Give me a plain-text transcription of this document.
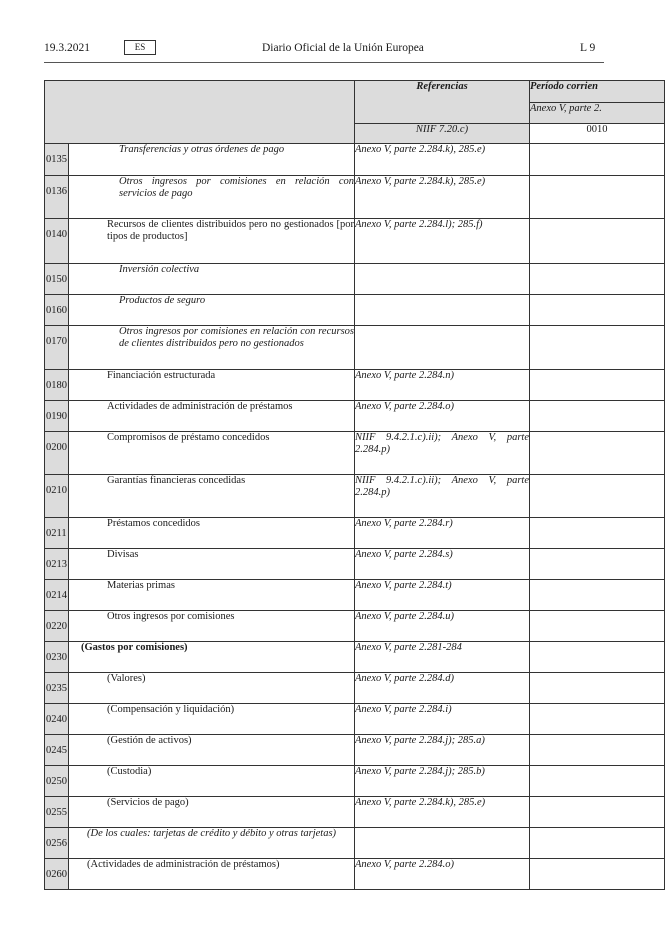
19.3.2021	ES	Diario Oficial de la Unión Europea	L 9
		Referencias	Período corrien
			Anexo V, parte 2.
		NIIF 7.20.c)	0010

0135	Transferencias y otras órdenes de pago	Anexo V, parte 2.284.k), 285.e)	

0136	Otros ingresos por comisiones en relación con servicios de pago	Anexo V, parte 2.284.k), 285.e)	

0140	Recursos de clientes distribuidos pero no gestionados [por tipos de productos]	Anexo V, parte 2.284.l); 285.f)	

0150	Inversión colectiva		

0160	Productos de seguro		

0170	Otros ingresos por comisiones en relación con recursos de clientes distribuidos pero no gestionados		

0180	Financiación estructurada	Anexo V, parte 2.284.n)	

0190	Actividades de administración de préstamos	Anexo V, parte 2.284.o)	

0200	Compromisos de préstamo concedidos	NIIF 9.4.2.1.c).ii); Anexo V, parte 2.284.p)	

0210	Garantías financieras concedidas	NIIF 9.4.2.1.c).ii); Anexo V, parte 2.284.p)	

0211	Préstamos concedidos	Anexo V, parte 2.284.r)	

0213	Divisas	Anexo V, parte 2.284.s)	

0214	Materias primas	Anexo V, parte 2.284.t)	

0220	Otros ingresos por comisiones	Anexo V, parte 2.284.u)	

0230	(Gastos por comisiones)	Anexo V, parte 2.281-284	

0235	(Valores)	Anexo V, parte 2.284.d)	

0240	(Compensación y liquidación)	Anexo V, parte 2.284.i)	

0245	(Gestión de activos)	Anexo V, parte 2.284.j); 285.a)	

0250	(Custodia)	Anexo V, parte 2.284.j); 285.b)	

0255	(Servicios de pago)	Anexo V, parte 2.284.k), 285.e)	

0256	(De los cuales: tarjetas de crédito y débito y otras tarjetas)		

0260	(Actividades de administración de préstamos)	Anexo V, parte 2.284.o)	
